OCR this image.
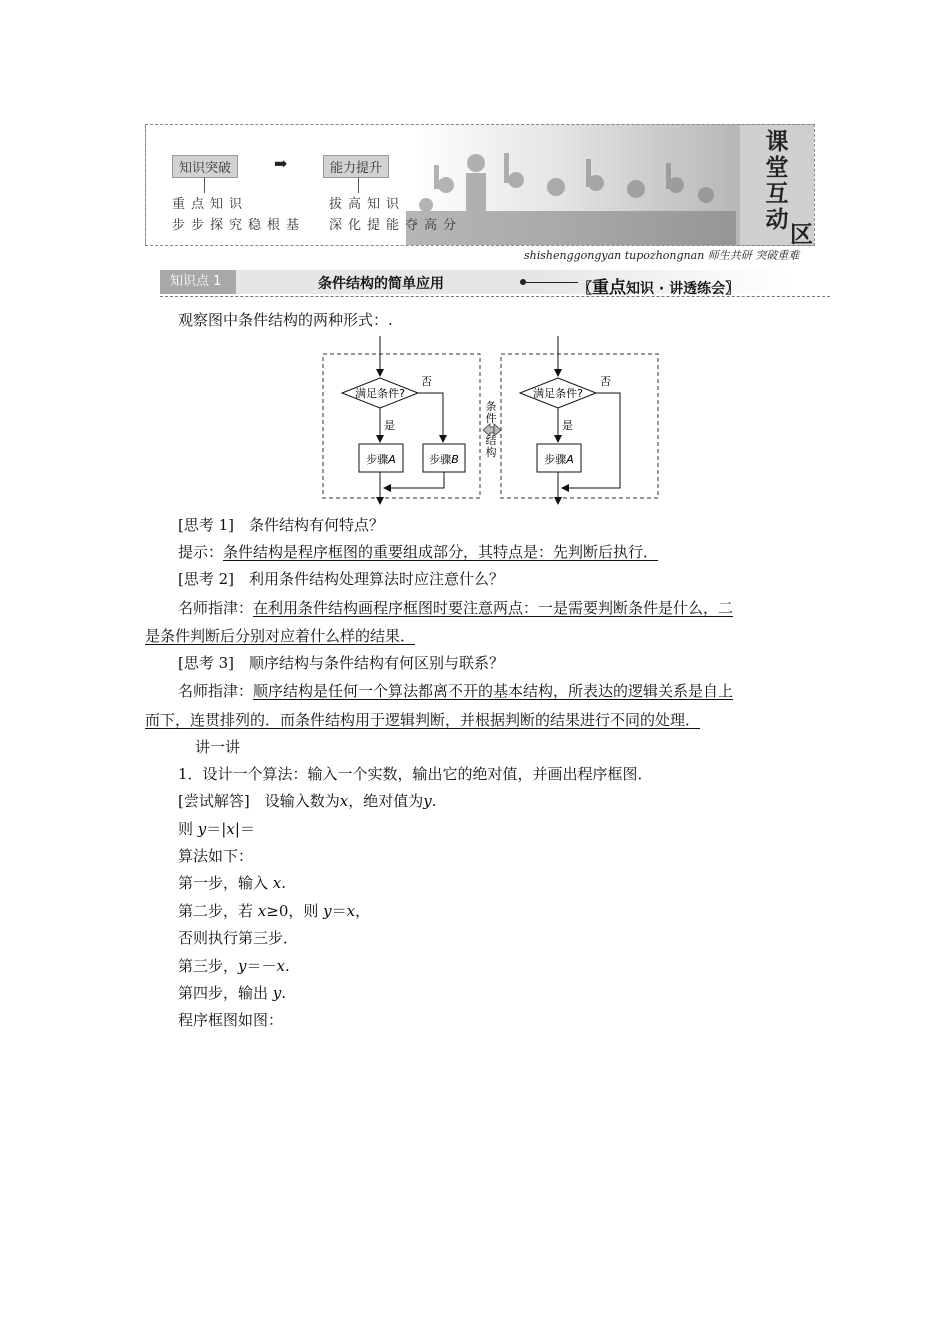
知识突破	➡	能力提升
重点知识
步步探究稳根基
拔高知识
深化提能夺高分
课
堂
互
动
区
shishenggongyan tupozhongnan 师生共研 突破重难
知识点 1	条件结构的简单应用	〖重点知识 · 讲透练会〗
观察图中条件结构的两种形式：.
满足条件?
否
是
步骤A	步骤B
条
件
结
构
满足条件?
否
是
步骤A
[思考 1]　条件结构有何特点？
提示：条件结构是程序框图的重要组成部分，其特点是：先判断后执行．
[思考 2]　利用条件结构处理算法时应注意什么？
名师指津：在利用条件结构画程序框图时要注意两点：一是需要判断条件是什么，二
是条件判断后分别对应着什么样的结果．
[思考 3]　顺序结构与条件结构有何区别与联系？
名师指津：顺序结构是任何一个算法都离不开的基本结构，所表达的逻辑关系是自上
而下，连贯排列的．而条件结构用于逻辑判断，并根据判断的结果进行不同的处理．
讲一讲
1．设计一个算法：输入一个实数，输出它的绝对值，并画出程序框图．
[尝试解答]　设输入数为x，绝对值为y.
则 y＝|x|＝
算法如下：
第一步，输入 x.
第二步，若 x≥0，则 y＝x，
否则执行第三步．
第三步，y＝－x.
第四步，输出 y.
程序框图如图：
